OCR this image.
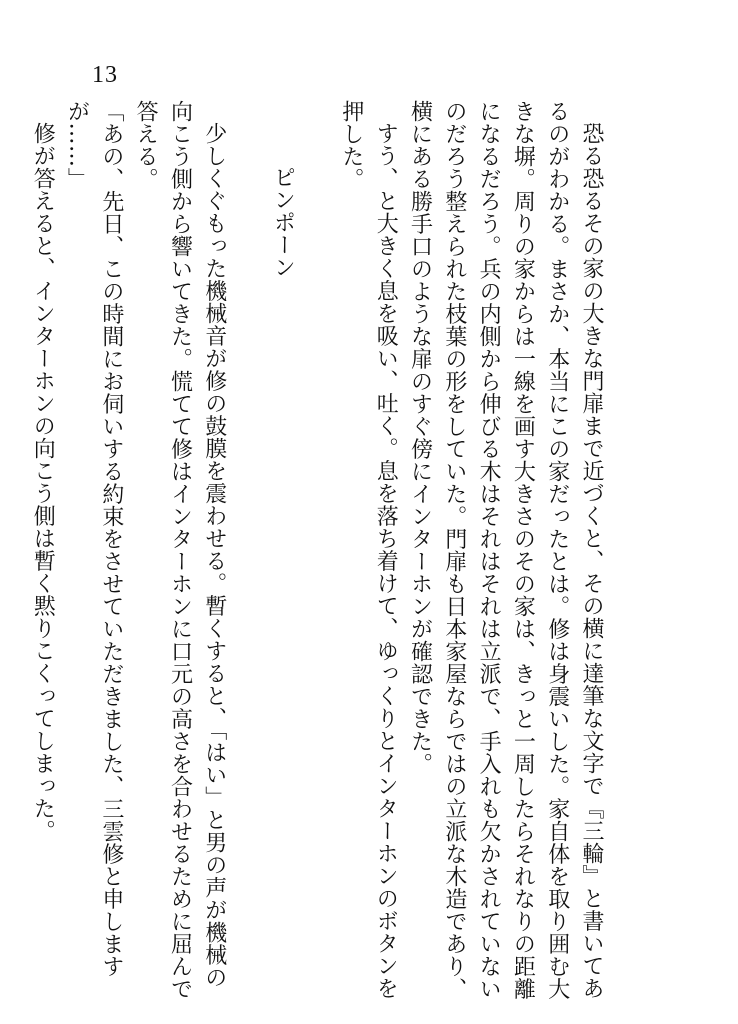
13

恐る恐るその家の大きな門扉まで近づくと、その横に達筆な文字で『三輪』と書いてあるのがわかる。まさか、本当にこの家だったとは。修は身震いした。家自体を取り囲む大きな塀。周りの家からは一線を画す大きさのその家は、きっと一周したらそれなりの距離になるだろう。兵の内側から伸びる木はそれはそれは立派で、手入れも欠かされていないのだろう整えられた枝葉の形をしていた。門扉も日本家屋ならではの立派な木造であり、横にある勝手口のような扉のすぐ傍にインターホンが確認できた。

すう、と大きく息を吸い、吐く。息を落ち着けて、ゆっくりとインターホンのボタンを押した。

ピンポーン

少しくぐもった機械音が修の鼓膜を震わせる。暫くすると、「はい」と男の声が機械の向こう側から響いてきた。慌てて修はインターホンに口元の高さを合わせるために屈んで答える。

「あの、先日、この時間にお伺いする約束をさせていただきました、三雲修と申しますが……」

修が答えると、インターホンの向こう側は暫く黙りこくってしまった。
